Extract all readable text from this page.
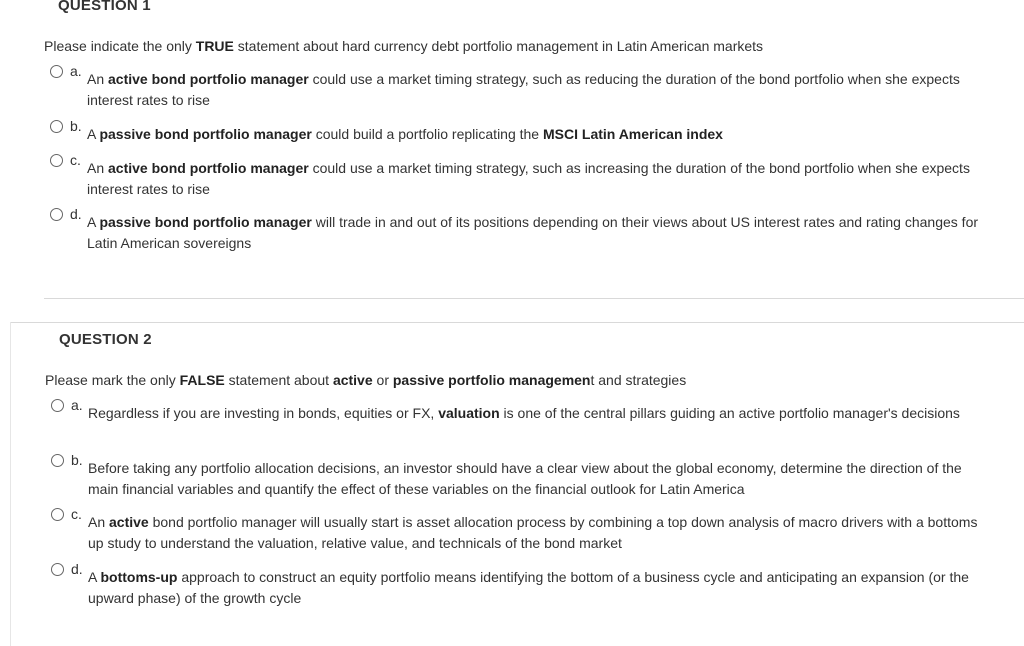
QUESTION 1
Please indicate the only TRUE statement about hard currency debt portfolio management in Latin American markets
a. An active bond portfolio manager could use a market timing strategy, such as reducing the duration of the bond portfolio when she expects interest rates to rise
b. A passive bond portfolio manager could build a portfolio replicating the MSCI Latin American index
c. An active bond portfolio manager could use a market timing strategy, such as increasing the duration of the bond portfolio when she expects interest rates to rise
d. A passive bond portfolio manager will trade in and out of its positions depending on their views about US interest rates and rating changes for Latin American sovereigns
QUESTION 2
Please mark the only FALSE statement about active or passive portfolio management and strategies
a. Regardless if you are investing in bonds, equities or FX, valuation is one of the central pillars guiding an active portfolio manager's decisions
b. Before taking any portfolio allocation decisions, an investor should have a clear view about the global economy, determine the direction of the main financial variables and quantify the effect of these variables on the financial outlook for Latin America
c. An active bond portfolio manager will usually start is asset allocation process by combining a top down analysis of macro drivers with a bottoms up study to understand the valuation, relative value, and technicals of the bond market
d. A bottoms-up approach to construct an equity portfolio means identifying the bottom of a business cycle and anticipating an expansion (or the upward phase) of the growth cycle
